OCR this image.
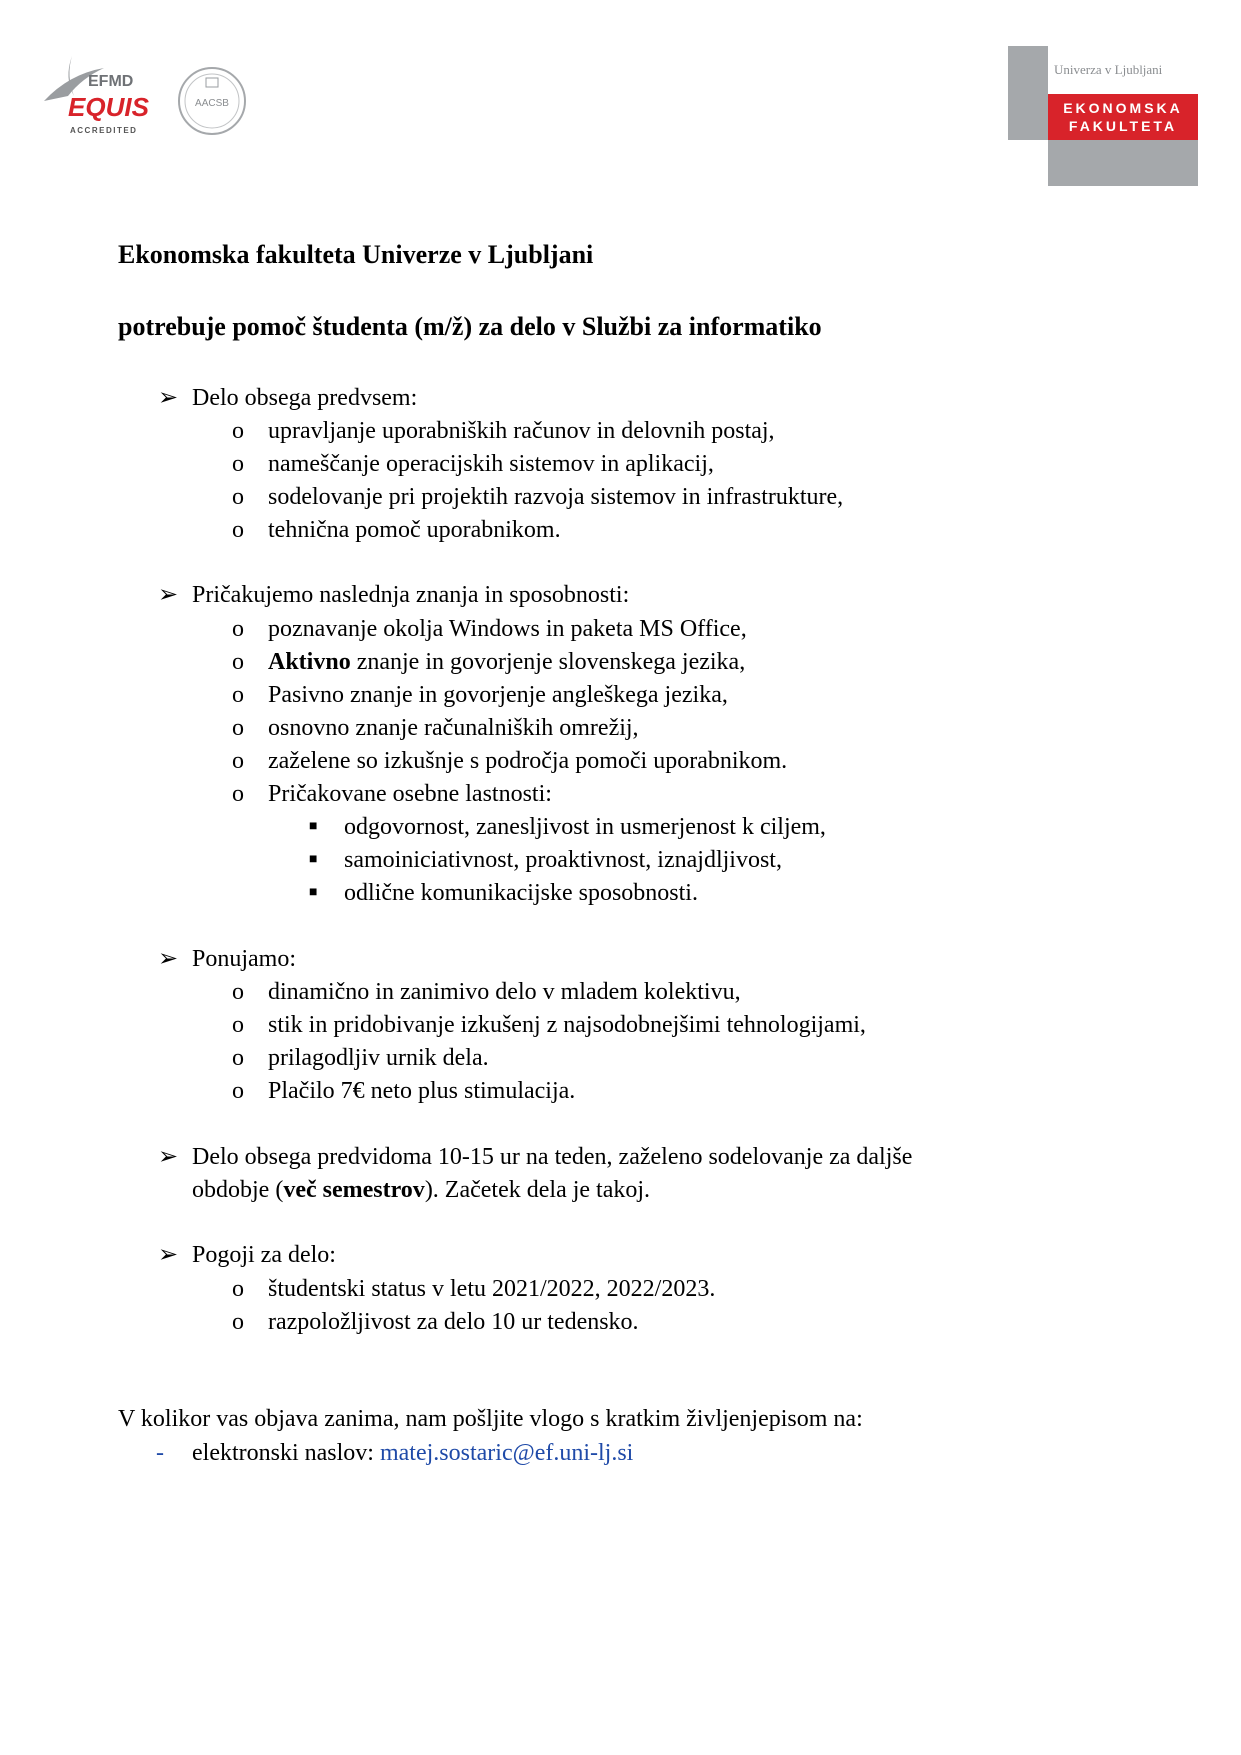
EFMD
EQUIS
ACCREDITED
AACSB
Univerza v Ljubljani
EKONOMSKA
FAKULTETA
Ekonomska fakulteta Univerze v Ljubljani
potrebuje pomoč študenta (m/ž) za delo v Službi za informatiko
➢ Delo obsega predvsem:
o upravljanje uporabniških računov in delovnih postaj,
o nameščanje operacijskih sistemov in aplikacij,
o sodelovanje pri projektih razvoja sistemov in infrastrukture,
o tehnična pomoč uporabnikom.
➢ Pričakujemo naslednja znanja in sposobnosti:
o poznavanje okolja Windows in paketa MS Office,
o Aktivno znanje in govorjenje slovenskega jezika,
o Pasivno znanje in govorjenje angleškega jezika,
o osnovno znanje računalniških omrežij,
o zaželene so izkušnje s področja pomoči uporabnikom.
o Pričakovane osebne lastnosti:
■ odgovornost, zanesljivost in usmerjenost k ciljem,
■ samoiniciativnost, proaktivnost, iznajdljivost,
■ odlične komunikacijske sposobnosti.
➢ Ponujamo:
o dinamično in zanimivo delo v mladem kolektivu,
o stik in pridobivanje izkušenj z najsodobnejšimi tehnologijami,
o prilagodljiv urnik dela.
o Plačilo 7€ neto plus stimulacija.
➢ Delo obsega predvidoma 10-15 ur na teden, zaželeno sodelovanje za daljše
obdobje (več semestrov). Začetek dela je takoj.
➢ Pogoji za delo:
o študentski status v letu 2021/2022, 2022/2023.
o razpoložljivost za delo 10 ur tedensko.
V kolikor vas objava zanima, nam pošljite vlogo s kratkim življenjepisom na:
- elektronski naslov: matej.sostaric@ef.uni-lj.si
